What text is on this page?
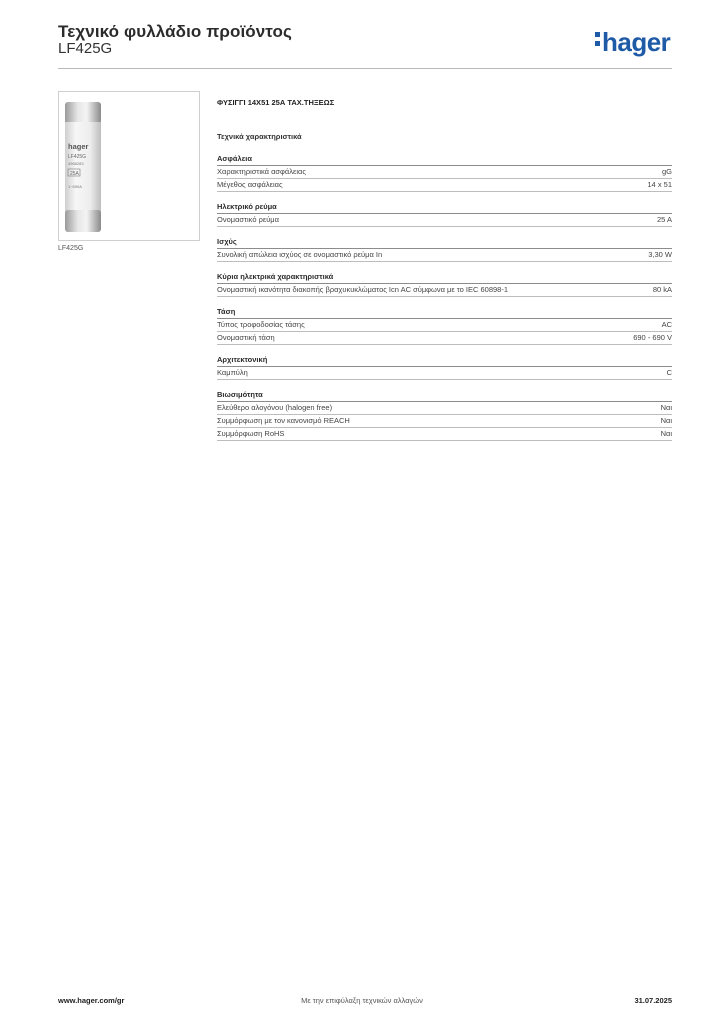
Τεχνικό φυλλάδιο προϊόντος
LF425G	hager
hager
LF425G
4968283
25A
1~690A
LF425G
ΦΥΣΙΓΓΙ 14Χ51 25Α ΤΑΧ.ΤΗΞΕΩΣ
Τεχνικά χαρακτηριστικά
Ασφάλεια
Χαρακτηριστικά ασφάλειας	gG
Μέγεθος ασφάλειας	14 x 51
Ηλεκτρικό ρεύμα
Ονομαστικό ρεύμα	25 A
Ισχύς
Συνολική απώλεια ισχύος σε ονομαστικό ρεύμα In	3,30 W
Κύρια ηλεκτρικά χαρακτηριστικά
Ονομαστική ικανότητα διακοπής βραχυκυκλώματος Icn AC σύμφωνα με το IEC 60898-1	80 kA
Τάση
Τύπος τροφοδοσίας τάσης	AC
Ονομαστική τάση	690 - 690 V
Αρχιτεκτονική
Καμπύλη	C
Βιωσιμότητα
Ελεύθερο αλογόνου (halogen free)	Ναι
Συμμόρφωση με τον κανονισμό REACH	Ναι
Συμμόρφωση RoHS	Ναι
Με την επιφύλαξη τεχνικών αλλαγών
www.hager.com/gr	31.07.2025
